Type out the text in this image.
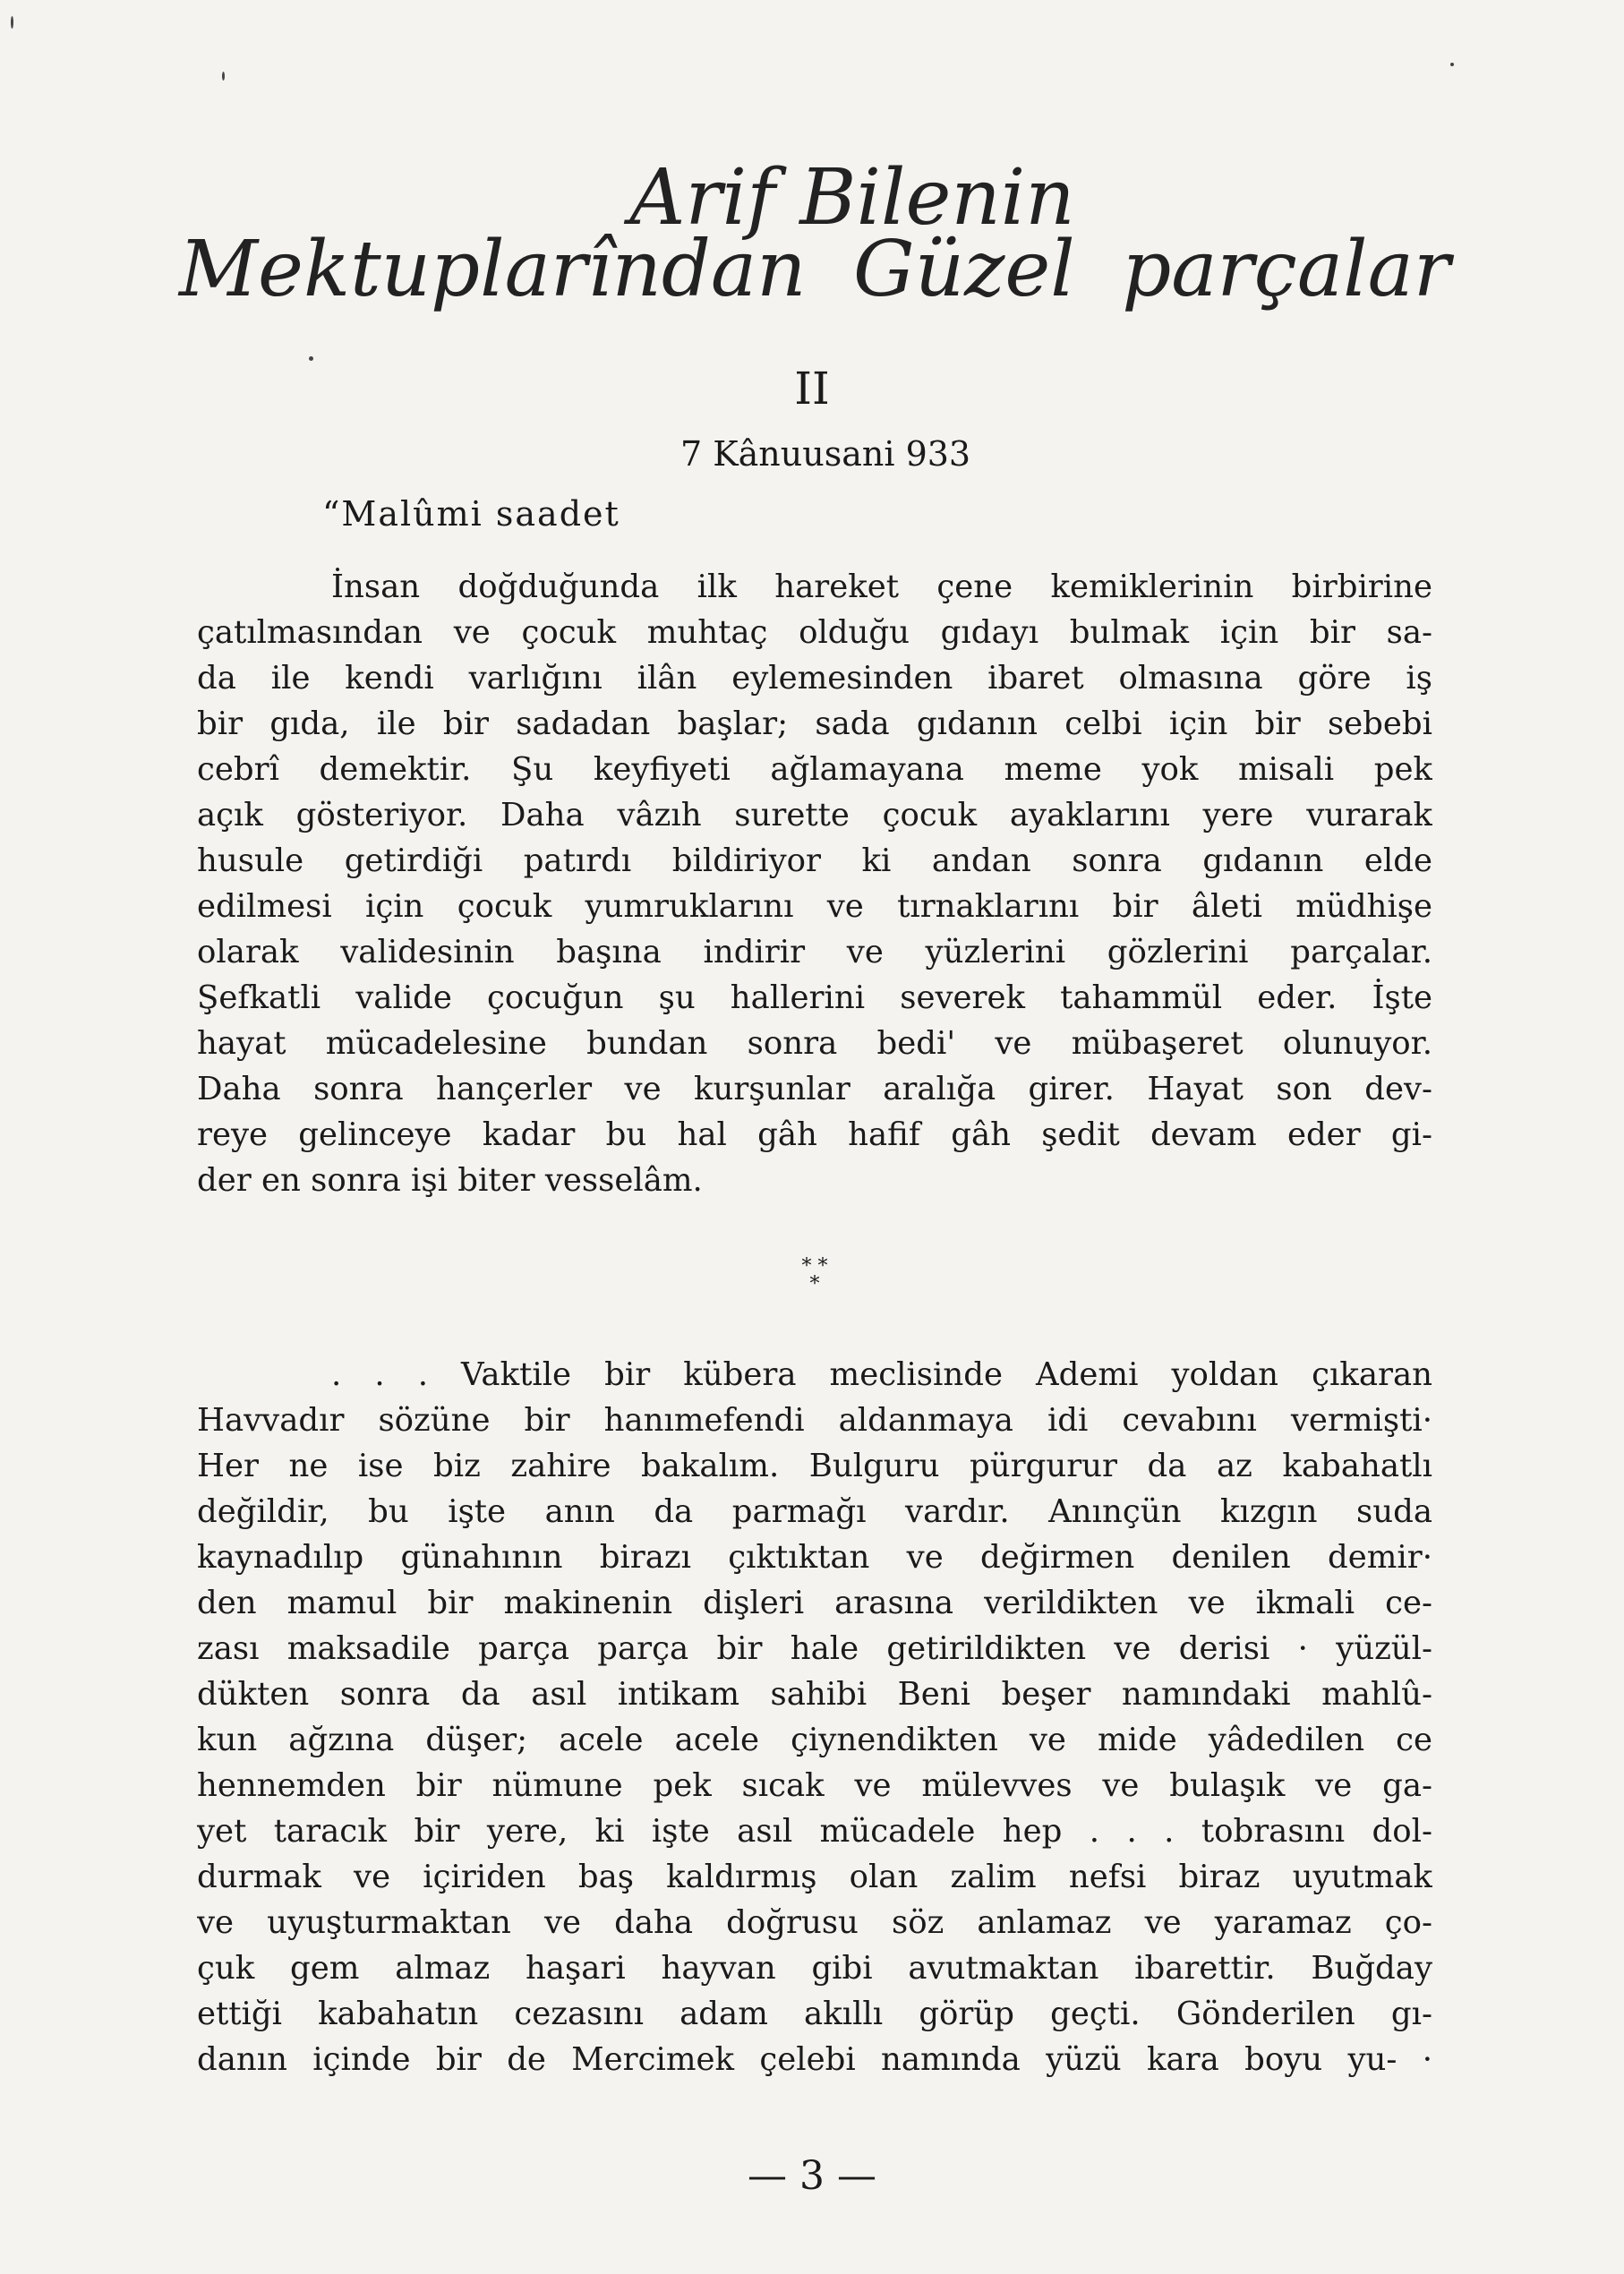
Arif Bilenin
Mektuplarîndan Güzel parçalar
II
7 Kânuusani 933
“Malûmi saadet
İnsan doğduğunda ilk hareket çene kemiklerinin birbirine
çatılmasından ve çocuk muhtaç olduğu gıdayı bulmak için bir sa-
da ile kendi varlığını ilân eylemesinden ibaret olmasına göre iş
bir gıda, ile bir sadadan başlar; sada gıdanın celbi için bir sebebi
cebrî demektir. Şu keyfiyeti ağlamayana meme yok misali pek
açık gösteriyor. Daha vâzıh surette çocuk ayaklarını yere vurarak
husule getirdiği patırdı bildiriyor ki andan sonra gıdanın elde
edilmesi için çocuk yumruklarını ve tırnaklarını bir âleti müdhişe
olarak validesinin başına indirir ve yüzlerini gözlerini parçalar.
Şefkatli valide çocuğun şu hallerini severek tahammül eder. İşte
hayat mücadelesine bundan sonra bedi' ve mübaşeret olunuyor.
Daha sonra hançerler ve kurşunlar aralığa girer. Hayat son dev-
reye gelinceye kadar bu hal gâh hafif gâh şedit devam eder gi-
der en sonra işi biter vesselâm.
* *
*
. . . Vaktile bir kübera meclisinde Ademi yoldan çıkaran
Havvadır sözüne bir hanımefendi aldanmaya idi cevabını vermişti·
Her ne ise biz zahire bakalım. Bulguru pürgurur da az kabahatlı
değildir, bu işte anın da parmağı vardır. Anınçün kızgın suda
kaynadılıp günahının birazı çıktıktan ve değirmen denilen demir·
den mamul bir makinenin dişleri arasına verildikten ve ikmali ce-
zası maksadile parça parça bir hale getirildikten ve derisi · yüzül-
dükten sonra da asıl intikam sahibi Beni beşer namındaki mahlû-
kun ağzına düşer; acele acele çiynendikten ve mide yâdedilen ce
hennemden bir nümune pek sıcak ve mülevves ve bulaşık ve ga-
yet taracık bir yere, ki işte asıl mücadele hep . . . tobrasını dol-
durmak ve içiriden baş kaldırmış olan zalim nefsi biraz uyutmak
ve uyuşturmaktan ve daha doğrusu söz anlamaz ve yaramaz ço-
çuk gem almaz haşari hayvan gibi avutmaktan ibarettir. Buğday
ettiği kabahatın cezasını adam akıllı görüp geçti. Gönderilen gı-
danın içinde bir de Mercimek çelebi namında yüzü kara boyu yu- ·
— 3 —
